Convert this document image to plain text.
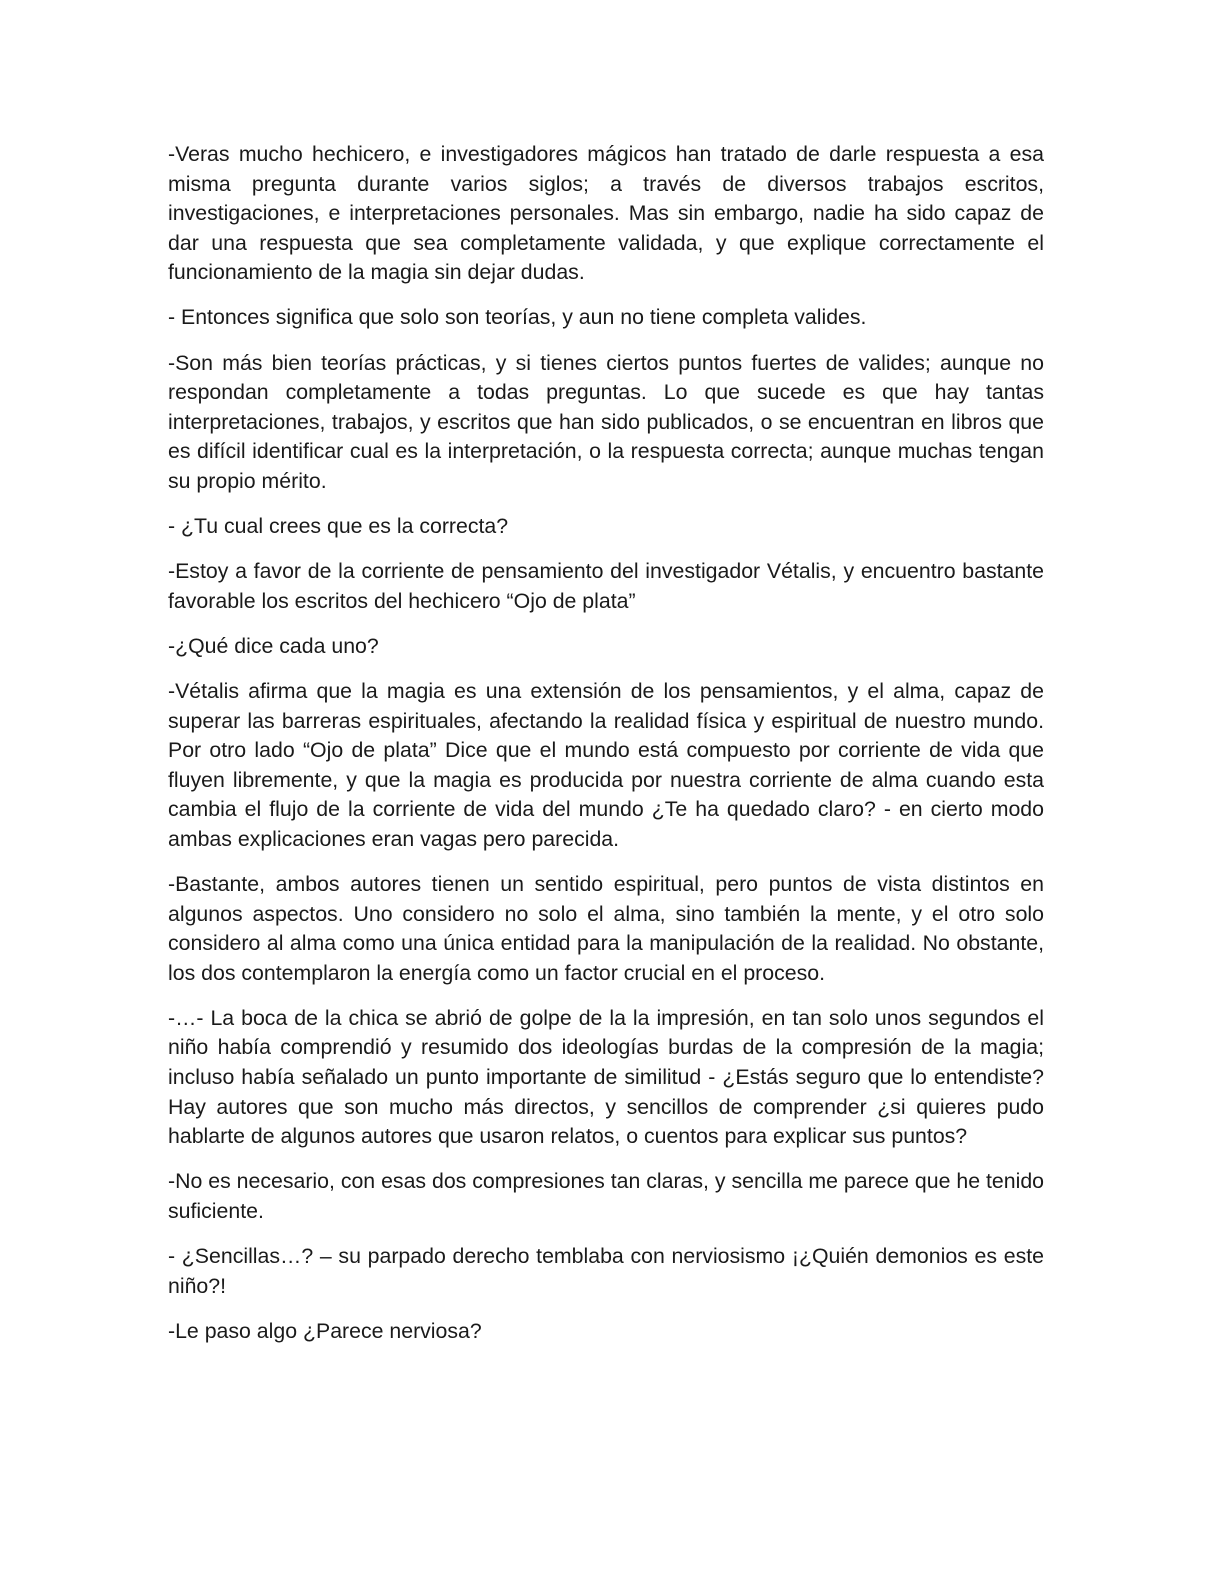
-Veras mucho hechicero, e investigadores mágicos han tratado de darle respuesta a esa misma pregunta durante varios siglos; a través de diversos trabajos escritos, investigaciones, e interpretaciones personales. Mas sin embargo, nadie ha sido capaz de dar una respuesta que sea completamente validada, y que explique correctamente el funcionamiento de la magia sin dejar dudas.

- Entonces significa que solo son teorías, y aun no tiene completa valides.

-Son más bien teorías prácticas, y si tienes ciertos puntos fuertes de valides; aunque no respondan completamente a todas preguntas. Lo que sucede es que hay tantas interpretaciones, trabajos, y escritos que han sido publicados, o se encuentran en libros que es difícil identificar cual es la interpretación, o la respuesta correcta; aunque muchas tengan su propio mérito.

- ¿Tu cual crees que es la correcta?

-Estoy a favor de la corriente de pensamiento del investigador Vétalis, y encuentro bastante favorable los escritos del hechicero “Ojo de plata”

-¿Qué dice cada uno?

-Vétalis afirma que la magia es una extensión de los pensamientos, y el alma, capaz de superar las barreras espirituales, afectando la realidad física y espiritual de nuestro mundo. Por otro lado “Ojo de plata” Dice que el mundo está compuesto por corriente de vida que fluyen libremente, y que la magia es producida por nuestra corriente de alma cuando esta cambia el flujo de la corriente de vida del mundo ¿Te ha quedado claro? - en cierto modo ambas explicaciones eran vagas pero parecida.

-Bastante, ambos autores tienen un sentido espiritual, pero puntos de vista distintos en algunos aspectos. Uno considero no solo el alma, sino también la mente, y el otro solo considero al alma como una única entidad para la manipulación de la realidad. No obstante, los dos contemplaron la energía como un factor crucial en el proceso.

-…- La boca de la chica se abrió de golpe de la la impresión, en tan solo unos segundos el niño había comprendió y resumido dos ideologías burdas de la compresión de la magia; incluso había señalado un punto importante de similitud - ¿Estás seguro que lo entendiste? Hay autores que son mucho más directos, y sencillos de comprender ¿si quieres pudo hablarte de algunos autores que usaron relatos, o cuentos para explicar sus puntos?

-No es necesario, con esas dos compresiones tan claras, y sencilla me parece que he tenido suficiente.

- ¿Sencillas…? – su parpado derecho temblaba con nerviosismo ¡¿Quién demonios es este niño?!

-Le paso algo ¿Parece nerviosa?
